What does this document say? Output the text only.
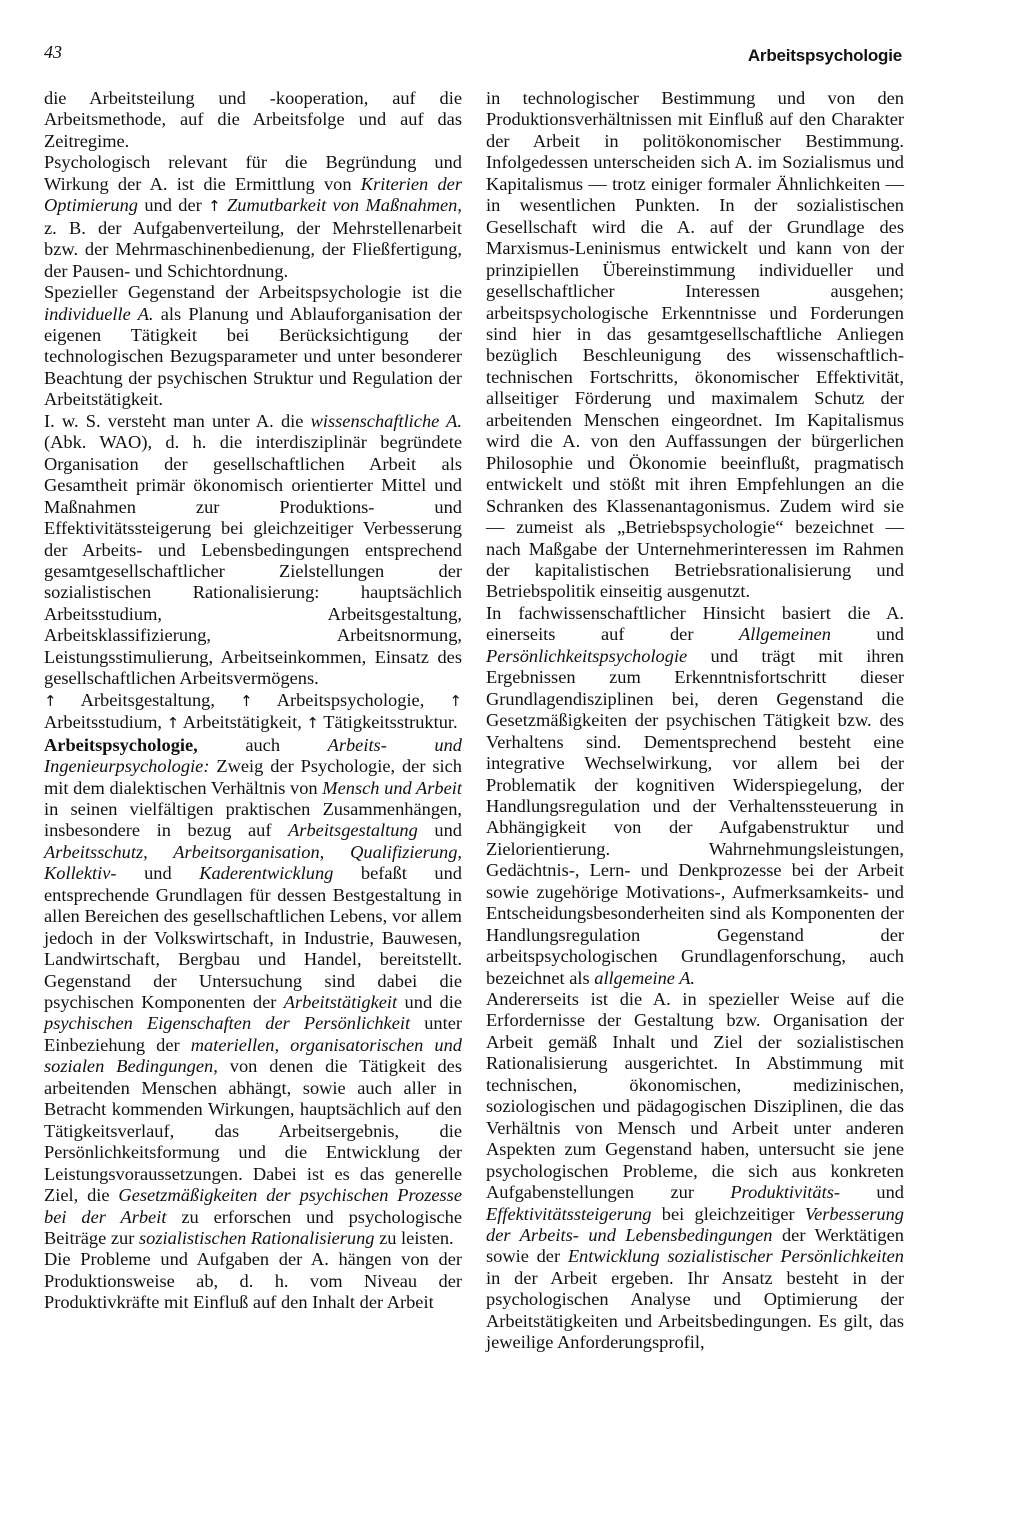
43	Arbeitspsychologie

die Arbeitsteilung und -kooperation, auf die Arbeitsmethode, auf die Arbeitsfolge und auf das Zeitregime.

Psychologisch relevant für die Begründung und Wirkung der A. ist die Ermittlung von Kriterien der Optimierung und der ↑ Zumutbarkeit von Maßnahmen, z. B. der Aufgabenverteilung, der Mehrstellenarbeit bzw. der Mehrmaschinenbedienung, der Fließfertigung, der Pausen- und Schichtordnung.

Spezieller Gegenstand der Arbeitspsychologie ist die individuelle A. als Planung und Ablauforganisation der eigenen Tätigkeit bei Berücksichtigung der technologischen Bezugsparameter und unter besonderer Beachtung der psychischen Struktur und Regulation der Arbeitstätigkeit.

I. w. S. versteht man unter A. die wissenschaftliche A. (Abk. WAO), d. h. die interdisziplinär begründete Organisation der gesellschaftlichen Arbeit als Gesamtheit primär ökonomisch orientierter Mittel und Maßnahmen zur Produktions- und Effektivitätssteigerung bei gleichzeitiger Verbesserung der Arbeits- und Lebensbedingungen entsprechend gesamtgesellschaftlicher Zielstellungen der sozialistischen Rationalisierung: hauptsächlich Arbeitsstudium, Arbeitsgestaltung, Arbeitsklassifizierung, Arbeitsnormung, Leistungsstimulierung, Arbeitseinkommen, Einsatz des gesellschaftlichen Arbeitsvermögens.

↑ Arbeitsgestaltung, ↑ Arbeitspsychologie, ↑ Arbeitsstudium, ↑ Arbeitstätigkeit, ↑ Tätigkeitsstruktur.

Arbeitspsychologie, auch Arbeits- und Ingenieurpsychologie: Zweig der Psychologie, der sich mit dem dialektischen Verhältnis von Mensch und Arbeit in seinen vielfältigen praktischen Zusammenhängen, insbesondere in bezug auf Arbeitsgestaltung und Arbeitsschutz, Arbeitsorganisation, Qualifizierung, Kollektiv- und Kaderentwicklung befaßt und entsprechende Grundlagen für dessen Bestgestaltung in allen Bereichen des gesellschaftlichen Lebens, vor allem jedoch in der Volkswirtschaft, in Industrie, Bauwesen, Landwirtschaft, Bergbau und Handel, bereitstellt. Gegenstand der Untersuchung sind dabei die psychischen Komponenten der Arbeitstätigkeit und die psychischen Eigenschaften der Persönlichkeit unter Einbeziehung der materiellen, organisatorischen und sozialen Bedingungen, von denen die Tätigkeit des arbeitenden Menschen abhängt, sowie auch aller in Betracht kommenden Wirkungen, hauptsächlich auf den Tätigkeitsverlauf, das Arbeitsergebnis, die Persönlichkeitsformung und die Entwicklung der Leistungsvoraussetzungen. Dabei ist es das generelle Ziel, die Gesetzmäßigkeiten der psychischen Prozesse bei der Arbeit zu erforschen und psychologische Beiträge zur sozialistischen Rationalisierung zu leisten.

Die Probleme und Aufgaben der A. hängen von der Produktionsweise ab, d. h. vom Niveau der Produktivkräfte mit Einfluß auf den Inhalt der Arbeit

in technologischer Bestimmung und von den Produktionsverhältnissen mit Einfluß auf den Charakter der Arbeit in politökonomischer Bestimmung. Infolgedessen unterscheiden sich A. im Sozialismus und Kapitalismus — trotz einiger formaler Ähnlichkeiten — in wesentlichen Punkten. In der sozialistischen Gesellschaft wird die A. auf der Grundlage des Marxismus-Leninismus entwickelt und kann von der prinzipiellen Übereinstimmung individueller und gesellschaftlicher Interessen ausgehen; arbeitspsychologische Erkenntnisse und Forderungen sind hier in das gesamtgesellschaftliche Anliegen bezüglich Beschleunigung des wissenschaftlich-technischen Fortschritts, ökonomischer Effektivität, allseitiger Förderung und maximalem Schutz der arbeitenden Menschen eingeordnet. Im Kapitalismus wird die A. von den Auffassungen der bürgerlichen Philosophie und Ökonomie beeinflußt, pragmatisch entwickelt und stößt mit ihren Empfehlungen an die Schranken des Klassenantagonismus. Zudem wird sie — zumeist als „Betriebspsychologie“ bezeichnet — nach Maßgabe der Unternehmerinteressen im Rahmen der kapitalistischen Betriebsrationalisierung und Betriebspolitik einseitig ausgenutzt.

In fachwissenschaftlicher Hinsicht basiert die A. einerseits auf der Allgemeinen und Persönlichkeitspsychologie und trägt mit ihren Ergebnissen zum Erkenntnisfortschritt dieser Grundlagendisziplinen bei, deren Gegenstand die Gesetzmäßigkeiten der psychischen Tätigkeit bzw. des Verhaltens sind. Dementsprechend besteht eine integrative Wechselwirkung, vor allem bei der Problematik der kognitiven Widerspiegelung, der Handlungsregulation und der Verhaltenssteuerung in Abhängigkeit von der Aufgabenstruktur und Zielorientierung. Wahrnehmungsleistungen, Gedächtnis-, Lern- und Denkprozesse bei der Arbeit sowie zugehörige Motivations-, Aufmerksamkeits- und Entscheidungsbesonderheiten sind als Komponenten der Handlungsregulation Gegenstand der arbeitspsychologischen Grundlagenforschung, auch bezeichnet als allgemeine A.

Andererseits ist die A. in spezieller Weise auf die Erfordernisse der Gestaltung bzw. Organisation der Arbeit gemäß Inhalt und Ziel der sozialistischen Rationalisierung ausgerichtet. In Abstimmung mit technischen, ökonomischen, medizinischen, soziologischen und pädagogischen Disziplinen, die das Verhältnis von Mensch und Arbeit unter anderen Aspekten zum Gegenstand haben, untersucht sie jene psychologischen Probleme, die sich aus konkreten Aufgabenstellungen zur Produktivitäts- und Effektivitätssteigerung bei gleichzeitiger Verbesserung der Arbeits- und Lebensbedingungen der Werktätigen sowie der Entwicklung sozialistischer Persönlichkeiten in der Arbeit ergeben. Ihr Ansatz besteht in der psychologischen Analyse und Optimierung der Arbeitstätigkeiten und Arbeitsbedingungen. Es gilt, das jeweilige Anforderungsprofil,
